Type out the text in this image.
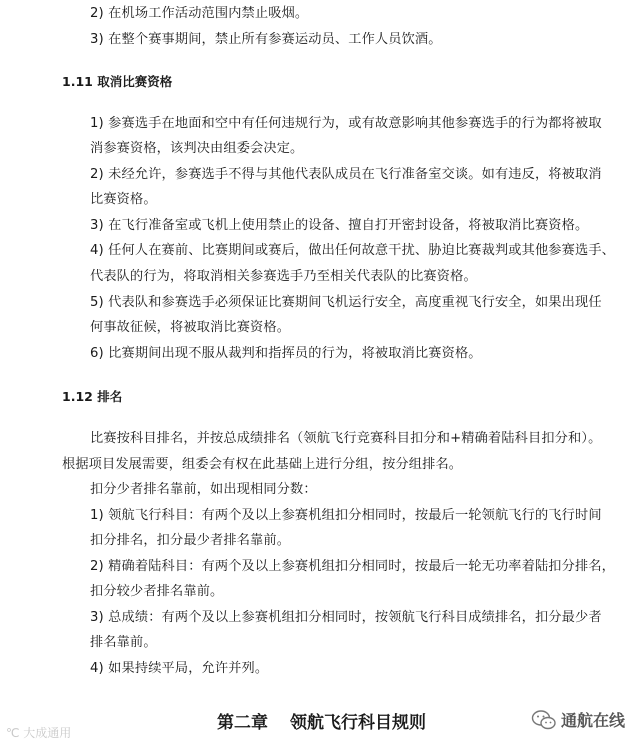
2) 在机场工作活动范围内禁止吸烟。
3) 在整个赛事期间，禁止所有参赛运动员、工作人员饮酒。
1.11 取消比赛资格
1) 参赛选手在地面和空中有任何违规行为，或有故意影响其他参赛选手的行为都将被取
消参赛资格，该判决由组委会决定。
2) 未经允许，参赛选手不得与其他代表队成员在飞行准备室交谈。如有违反，将被取消
比赛资格。
3) 在飞行准备室或飞机上使用禁止的设备、擅自打开密封设备，将被取消比赛资格。
4) 任何人在赛前、比赛期间或赛后，做出任何故意干扰、胁迫比赛裁判或其他参赛选手、
代表队的行为，将取消相关参赛选手乃至相关代表队的比赛资格。
5) 代表队和参赛选手必须保证比赛期间飞机运行安全，高度重视飞行安全，如果出现任
何事故征候，将被取消比赛资格。
6) 比赛期间出现不服从裁判和指挥员的行为，将被取消比赛资格。
1.12 排名
比赛按科目排名，并按总成绩排名（领航飞行竞赛科目扣分和+精确着陆科目扣分和）。
根据项目发展需要，组委会有权在此基础上进行分组，按分组排名。
扣分少者排名靠前，如出现相同分数：
1) 领航飞行科目：有两个及以上参赛机组扣分相同时，按最后一轮领航飞行的飞行时间
扣分排名，扣分最少者排名靠前。
2) 精确着陆科目：有两个及以上参赛机组扣分相同时，按最后一轮无功率着陆扣分排名，
扣分较少者排名靠前。
3) 总成绩：有两个及以上参赛机组扣分相同时，按领航飞行科目成绩排名，扣分最少者
排名靠前。
4) 如果持续平局，允许并列。
第二章 领航飞行科目规则
℃ 大成通用
通航在线
